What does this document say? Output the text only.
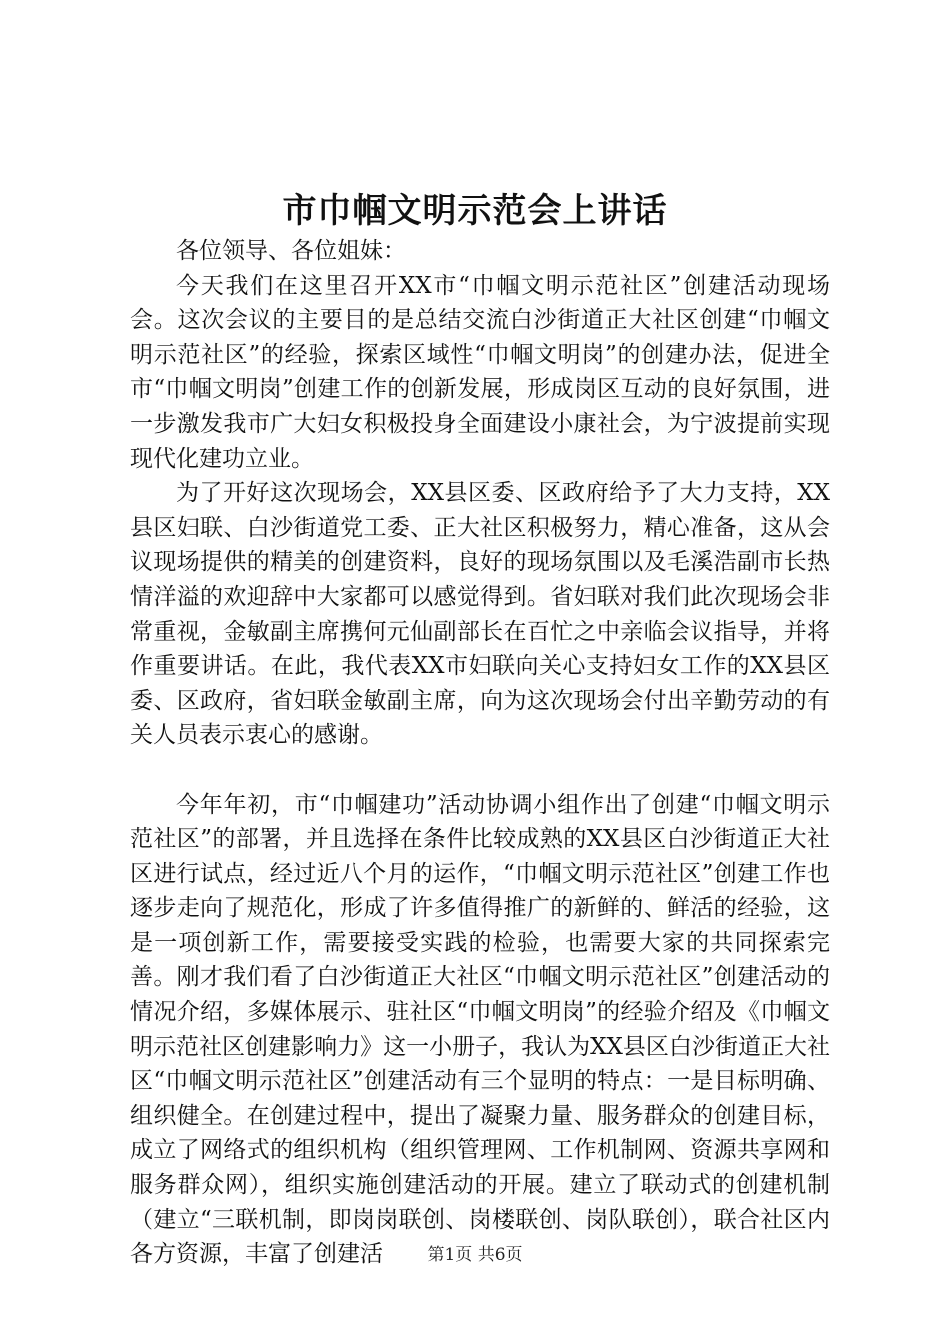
市巾帼文明示范会上讲话

各位领导、各位姐妹：

今天我们在这里召开XX市“巾帼文明示范社区”创建活动现场会。这次会议的主要目的是总结交流白沙街道正大社区创建“巾帼文明示范社区”的经验，探索区域性“巾帼文明岗”的创建办法，促进全市“巾帼文明岗”创建工作的创新发展，形成岗区互动的良好氛围，进一步激发我市广大妇女积极投身全面建设小康社会，为宁波提前实现现代化建功立业。

为了开好这次现场会，XX县区委、区政府给予了大力支持，XX县区妇联、白沙街道党工委、正大社区积极努力，精心准备，这从会议现场提供的精美的创建资料，良好的现场氛围以及毛溪浩副市长热情洋溢的欢迎辞中大家都可以感觉得到。省妇联对我们此次现场会非常重视，金敏副主席携何元仙副部长在百忙之中亲临会议指导，并将作重要讲话。在此，我代表XX市妇联向关心支持妇女工作的XX县区委、区政府，省妇联金敏副主席，向为这次现场会付出辛勤劳动的有关人员表示衷心的感谢。

今年年初，市“巾帼建功”活动协调小组作出了创建“巾帼文明示范社区”的部署，并且选择在条件比较成熟的XX县区白沙街道正大社区进行试点，经过近八个月的运作，“巾帼文明示范社区”创建工作也逐步走向了规范化，形成了许多值得推广的新鲜的、鲜活的经验，这是一项创新工作，需要接受实践的检验，也需要大家的共同探索完善。刚才我们看了白沙街道正大社区“巾帼文明示范社区”创建活动的情况介绍，多媒体展示、驻社区“巾帼文明岗”的经验介绍及《巾帼文明示范社区创建影响力》这一小册子，我认为XX县区白沙街道正大社区“巾帼文明示范社区”创建活动有三个显明的特点：一是目标明确、组织健全。在创建过程中，提出了凝聚力量、服务群众的创建目标，成立了网络式的组织机构（组织管理网、工作机制网、资源共享网和服务群众网），组织实施创建活动的开展。建立了联动式的创建机制（建立“三联机制，即岗岗联创、岗楼联创、岗队联创），联合社区内各方资源，丰富了创建活	第1页 共6页
